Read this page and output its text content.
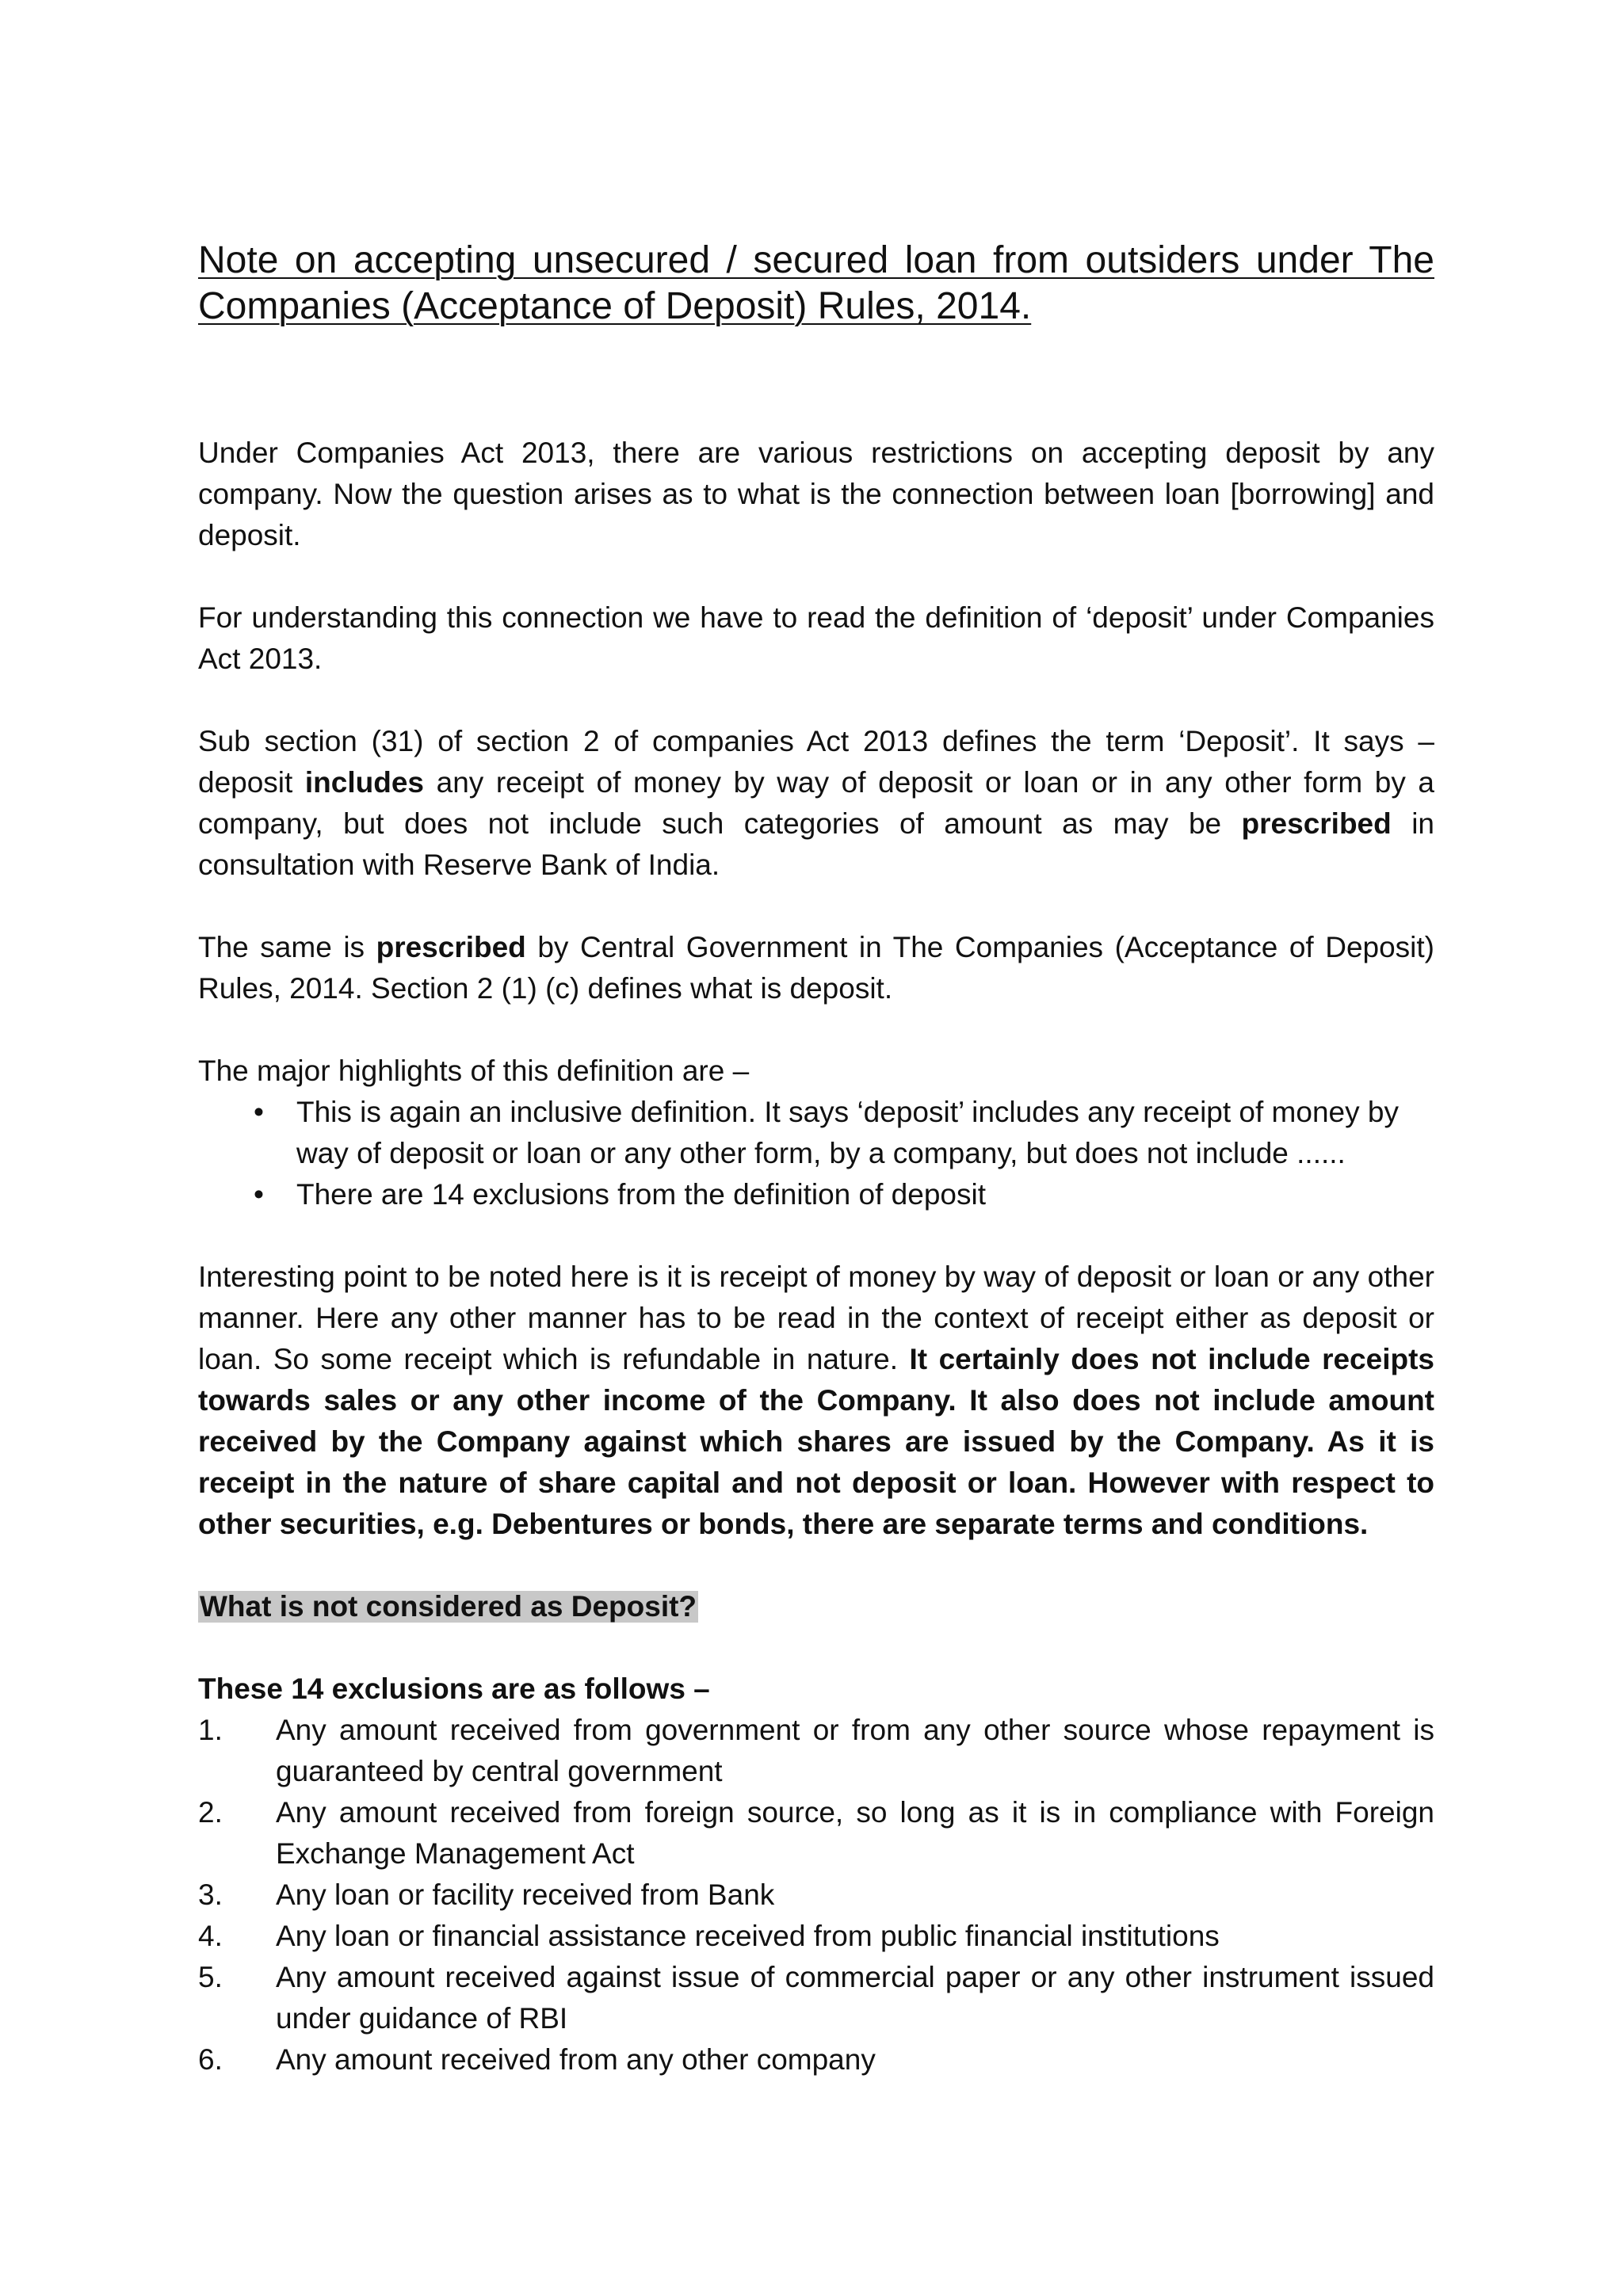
Note on accepting unsecured / secured loan from outsiders under The Companies (Acceptance of Deposit) Rules, 2014.

Under Companies Act 2013, there are various restrictions on accepting deposit by any company. Now the question arises as to what is the connection between loan [borrowing] and deposit.

For understanding this connection we have to read the definition of ‘deposit’ under Companies Act 2013.

Sub section (31) of section 2 of companies Act 2013 defines the term ‘Deposit’. It says – deposit includes any receipt of money by way of deposit or loan or in any other form by a company, but does not include such categories of amount as may be prescribed in consultation with Reserve Bank of India.

The same is prescribed by Central Government in The Companies (Acceptance of Deposit) Rules, 2014. Section 2 (1) (c) defines what is deposit.

The major highlights of this definition are –

• This is again an inclusive definition. It says ‘deposit’ includes any receipt of money by way of deposit or loan or any other form, by a company, but does not include ......
• There are 14 exclusions from the definition of deposit

Interesting point to be noted here is it is receipt of money by way of deposit or loan or any other manner. Here any other manner has to be read in the context of receipt either as deposit or loan. So some receipt which is refundable in nature. It certainly does not include receipts towards sales or any other income of the Company. It also does not include amount received by the Company against which shares are issued by the Company. As it is receipt in the nature of share capital and not deposit or loan. However with respect to other securities, e.g. Debentures or bonds, there are separate terms and conditions.

What is not considered as Deposit?

These 14 exclusions are as follows –

1. Any amount received from government or from any other source whose repayment is guaranteed by central government
2. Any amount received from foreign source, so long as it is in compliance with Foreign Exchange Management Act
3. Any loan or facility received from Bank
4. Any loan or financial assistance received from public financial institutions
5. Any amount received against issue of commercial paper or any other instrument issued under guidance of RBI
6. Any amount received from any other company
